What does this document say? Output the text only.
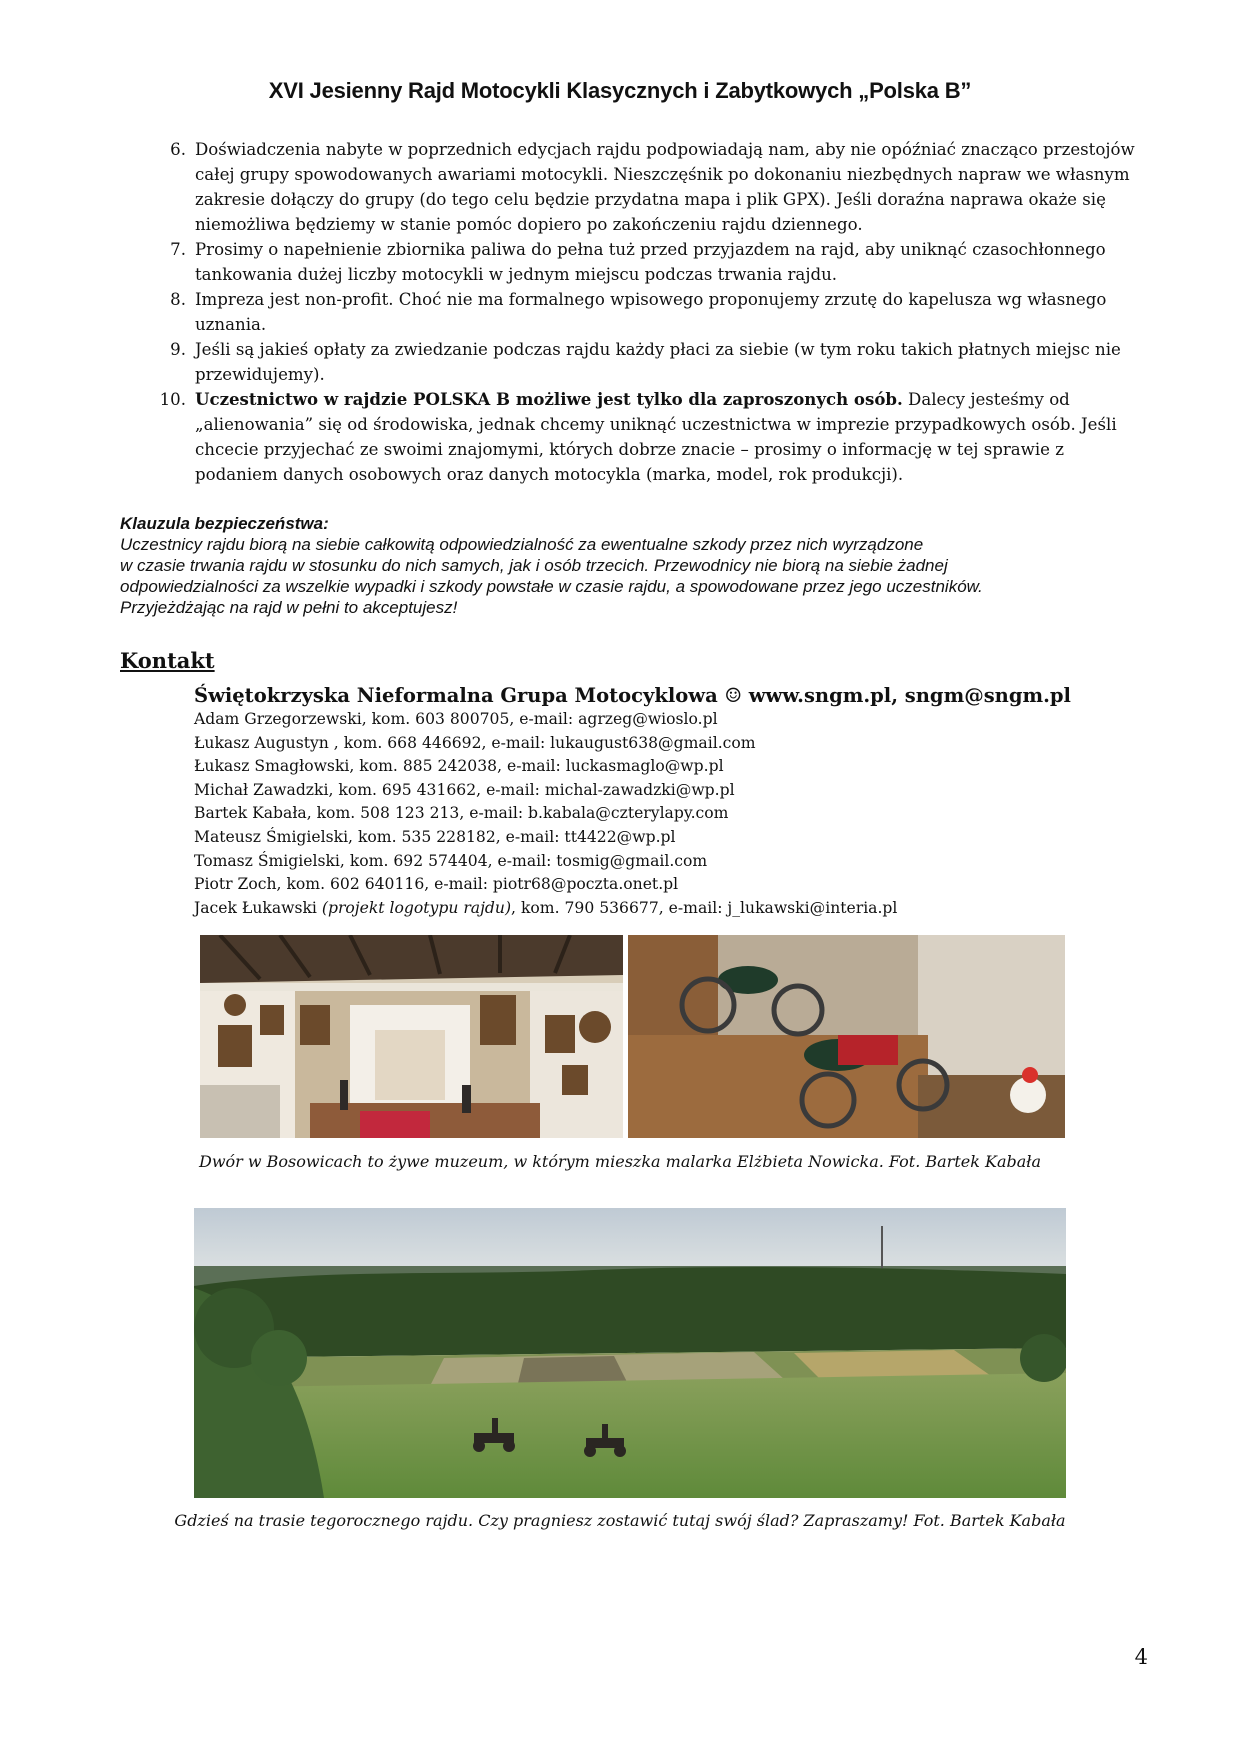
XVI Jesienny Rajd Motocykli Klasycznych i Zabytkowych „Polska B”
6. Doświadczenia nabyte w poprzednich edycjach rajdu podpowiadają nam, aby nie opóźniać znacząco przestojów całej grupy spowodowanych awariami motocykli. Nieszczęśnik po dokonaniu niezbędnych napraw we własnym zakresie dołączy do grupy (do tego celu będzie przydatna mapa i plik GPX). Jeśli doraźna naprawa okaże się niemożliwa będziemy w stanie pomóc dopiero po zakończeniu rajdu dziennego.
7. Prosimy o napełnienie zbiornika paliwa do pełna tuż przed przyjazdem na rajd, aby uniknąć czasochłonnego tankowania dużej liczby motocykli w jednym miejscu podczas trwania rajdu.
8. Impreza jest non-profit. Choć nie ma formalnego wpisowego proponujemy zrzutę do kapelusza wg własnego uznania.
9. Jeśli są jakieś opłaty za zwiedzanie podczas rajdu każdy płaci za siebie (w tym roku takich płatnych miejsc nie przewidujemy).
10. Uczestnictwo w rajdzie POLSKA B możliwe jest tylko dla zaproszonych osób. Dalecy jesteśmy od „alienowania” się od środowiska, jednak chcemy uniknąć uczestnictwa w imprezie przypadkowych osób. Jeśli chcecie przyjechać ze swoimi znajomymi, których dobrze znacie – prosimy o informację w tej sprawie z podaniem danych osobowych oraz danych motocykla (marka, model, rok produkcji).
Klauzula bezpieczeństwa:
Uczestnicy rajdu biorą na siebie całkowitą odpowiedzialność za ewentualne szkody przez nich wyrządzone
w czasie trwania rajdu w stosunku do nich samych, jak i osób trzecich. Przewodnicy nie biorą na siebie żadnej
odpowiedzialności za wszelkie wypadki i szkody powstałe w czasie rajdu, a spowodowane przez jego uczestników.
Przyjeżdżając na rajd w pełni to akceptujesz!
Kontakt
Świętokrzyska Nieformalna Grupa Motocyklowa ☺ www.sngm.pl, sngm@sngm.pl
Adam Grzegorzewski, kom. 603 800705, e-mail: agrzeg@wioslo.pl
Łukasz Augustyn , kom. 668 446692, e-mail: lukaugust638@gmail.com
Łukasz Smagłowski, kom. 885 242038, e-mail: luckasmaglo@wp.pl
Michał Zawadzki, kom. 695 431662, e-mail: michal-zawadzki@wp.pl
Bartek Kabała, kom. 508 123 213, e-mail: b.kabala@czterylapy.com
Mateusz Śmigielski, kom. 535 228182, e-mail: tt4422@wp.pl
Tomasz Śmigielski, kom. 692 574404, e-mail: tosmig@gmail.com
Piotr Zoch, kom. 602 640116, e-mail: piotr68@poczta.onet.pl
Jacek Łukawski (projekt logotypu rajdu), kom. 790 536677, e-mail: j_lukawski@interia.pl
Dwór w Bosowicach to żywe muzeum, w którym mieszka malarka Elżbieta Nowicka. Fot. Bartek Kabała
Gdzieś na trasie tegorocznego rajdu. Czy pragniesz zostawić tutaj swój ślad? Zapraszamy! Fot. Bartek Kabała
4
